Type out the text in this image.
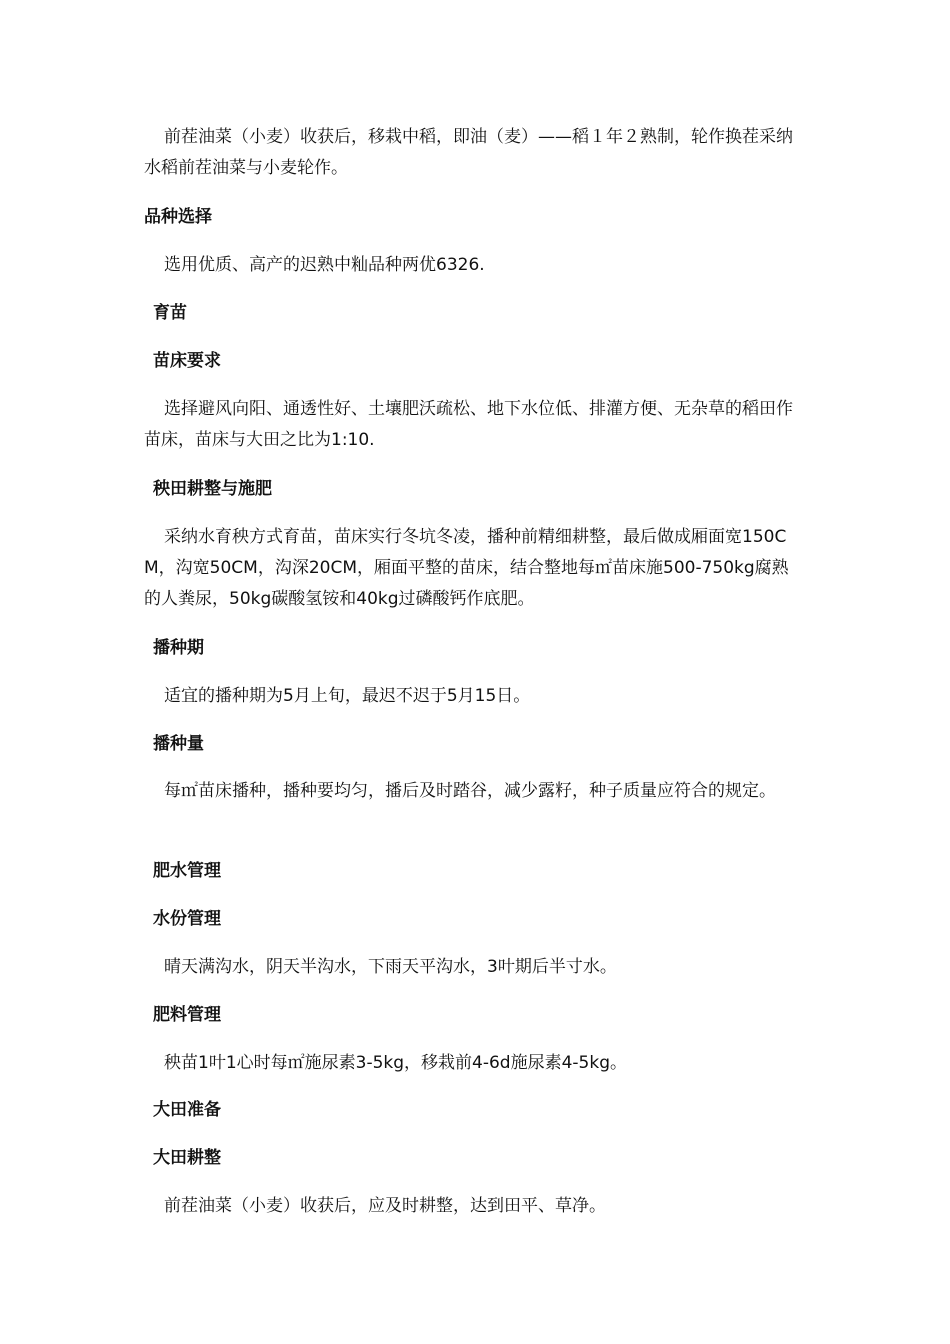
前茬油菜（小麦）收获后，移栽中稻，即油（麦）——稻１年２熟制，轮作换茬采纳水稻前茬油菜与小麦轮作。

品种选择

选用优质、高产的迟熟中籼品种两优6326.

育苗

苗床要求

选择避风向阳、通透性好、土壤肥沃疏松、地下水位低、排灌方便、无杂草的稻田作苗床，苗床与大田之比为1:10.

秧田耕整与施肥

采纳水育秧方式育苗，苗床实行冬坑冬凌，播种前精细耕整，最后做成厢面宽150CM，沟宽50CM，沟深20CM，厢面平整的苗床，结合整地每㎡苗床施500-750kg腐熟的人粪尿，50kg碳酸氢铵和40kg过磷酸钙作底肥。

播种期

适宜的播种期为5月上旬，最迟不迟于5月15日。

播种量

每㎡苗床播种，播种要均匀，播后及时踏谷，减少露籽，种子质量应符合的规定。

肥水管理

水份管理

晴天满沟水，阴天半沟水，下雨天平沟水，3叶期后半寸水。

肥料管理

秧苗1叶1心时每㎡施尿素3-5kg，移栽前4-6d施尿素4-5kg。

大田准备

大田耕整

前茬油菜（小麦）收获后，应及时耕整，达到田平、草净。
